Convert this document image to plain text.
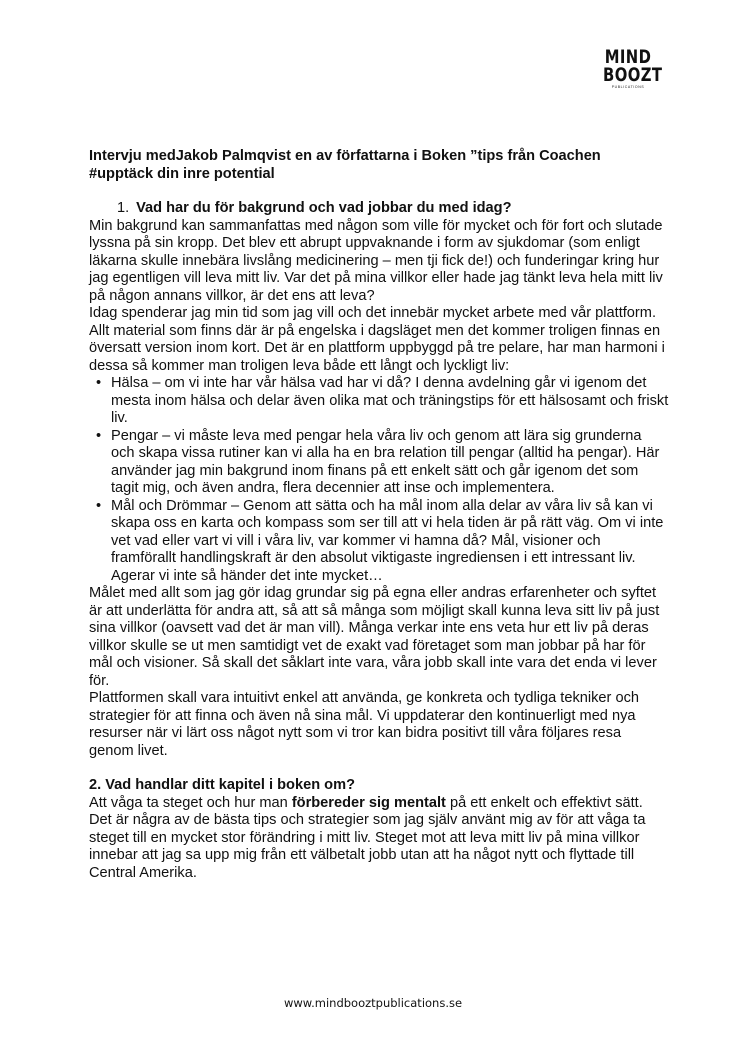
MIND
BOOZT
PUBLICATIONS

Intervju medJakob Palmqvist en av författarna i Boken ”tips från Coachen
#upptäck din inre potential

1. Vad har du för bakgrund och vad jobbar du med idag?

Min bakgrund kan sammanfattas med någon som ville för mycket och för fort och slutade lyssna på sin kropp. Det blev ett abrupt uppvaknande i form av sjukdomar (som enligt läkarna skulle innebära livslång medicinering – men tji fick de!) och funderingar kring hur jag egentligen vill leva mitt liv. Var det på mina villkor eller hade jag tänkt leva hela mitt liv på någon annans villkor, är det ens att leva?

Idag spenderar jag min tid som jag vill och det innebär mycket arbete med vår plattform. Allt material som finns där är på engelska i dagsläget men det kommer troligen finnas en översatt version inom kort. Det är en plattform uppbyggd på tre pelare, har man harmoni i dessa så kommer man troligen leva både ett långt och lyckligt liv:

• Hälsa – om vi inte har vår hälsa vad har vi då? I denna avdelning går vi igenom det mesta inom hälsa och delar även olika mat och träningstips för ett hälsosamt och friskt liv.
• Pengar – vi måste leva med pengar hela våra liv och genom att lära sig grunderna och skapa vissa rutiner kan vi alla ha en bra relation till pengar (alltid ha pengar). Här använder jag min bakgrund inom finans på ett enkelt sätt och går igenom det som tagit mig, och även andra, flera decennier att inse och implementera.
• Mål och Drömmar – Genom att sätta och ha mål inom alla delar av våra liv så kan vi skapa oss en karta och kompass som ser till att vi hela tiden är på rätt väg. Om vi inte vet vad eller vart vi vill i våra liv, var kommer vi hamna då? Mål, visioner och framförallt handlingskraft är den absolut viktigaste ingrediensen i ett intressant liv. Agerar vi inte så händer det inte mycket…

Målet med allt som jag gör idag grundar sig på egna eller andras erfarenheter och syftet är att underlätta för andra att, så att så många som möjligt skall kunna leva sitt liv på just sina villkor (oavsett vad det är man vill). Många verkar inte ens veta hur ett liv på deras villkor skulle se ut men samtidigt vet de exakt vad företaget som man jobbar på har för mål och visioner. Så skall det såklart inte vara, våra jobb skall inte vara det enda vi lever för.

Plattformen skall vara intuitivt enkel att använda, ge konkreta och tydliga tekniker och strategier för att finna och även nå sina mål. Vi uppdaterar den kontinuerligt med nya resurser när vi lärt oss något nytt som vi tror kan bidra positivt till våra följares resa genom livet.

2. Vad handlar ditt kapitel i boken om?

Att våga ta steget och hur man förbereder sig mentalt på ett enkelt och effektivt sätt. Det är några av de bästa tips och strategier som jag själv använt mig av för att våga ta steget till en mycket stor förändring i mitt liv. Steget mot att leva mitt liv på mina villkor innebar att jag sa upp mig från ett välbetalt jobb utan att ha något nytt och flyttade till Central Amerika.

www.mindbooztpublications.se
